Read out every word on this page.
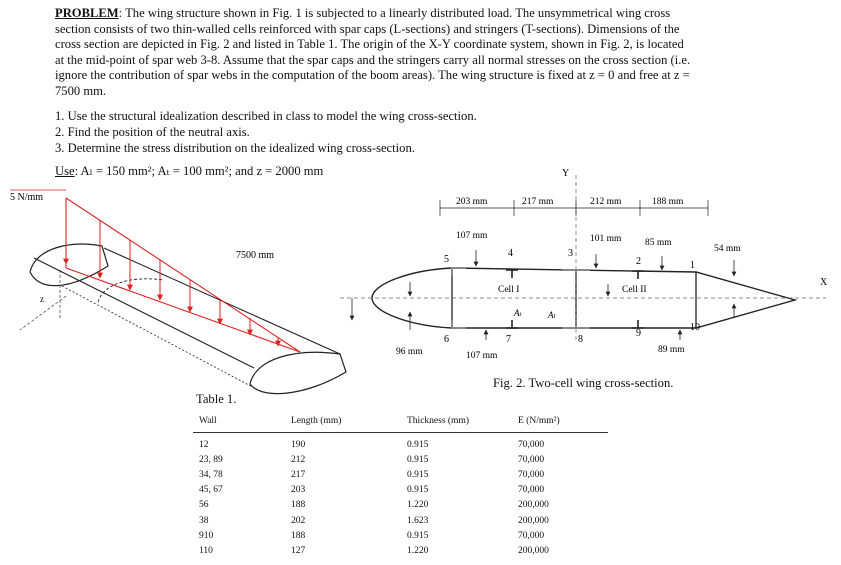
PROBLEM: The wing structure shown in Fig. 1 is subjected to a linearly distributed load. The unsymmetrical wing cross section consists of two thin-walled cells reinforced with spar caps (L-sections) and stringers (T-sections). Dimensions of the cross section are depicted in Fig. 2 and listed in Table 1. The origin of the X-Y coordinate system, shown in Fig. 2, is located at the mid-point of spar web 3-8. Assume that the spar caps and the stringers carry all normal stresses on the cross section (i.e. ignore the contribution of spar webs in the computation of the boom areas). The wing structure is fixed at z = 0 and free at z = 7500 mm.
1. Use the structural idealization described in class to model the wing cross-section.
2. Find the position of the neutral axis.
3. Determine the stress distribution on the idealized wing cross-section.
Use: Aₗ = 150 mm²; Aₜ = 100 mm²; and z = 2000 mm
z
5 N/mm
7500 mm
X
Y
203 mm	217 mm	212 mm	188 mm
107 mm	101 mm 85 mm
54 mm
96 mm	107 mm
89 mm
1
2
3
4
5
6	7	8
9
10
Cell I	Cell II
Aₜ	Aₗ
Fig. 2. Two-cell wing cross-section.
Table 1.
Wall	Length (mm)	Thickness (mm)	E (N/mm²)
12	190	0.915	70,000
23, 89	212	0.915	70,000
34, 78	217	0.915	70,000
45, 67	203	0.915	70,000
56	188	1.220	200,000
38	202	1.623	200,000
910	188	0.915	70,000
110	127	1.220	200,000
